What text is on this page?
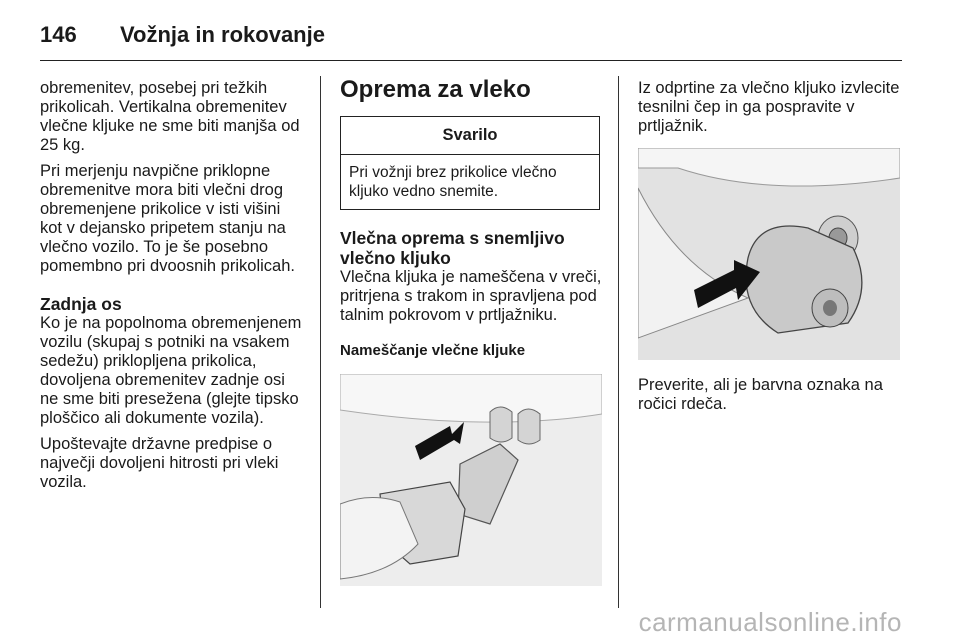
146	Vožnja in rokovanje

obremenitev, posebej pri težkih prikolicah. Vertikalna obremenitev vlečne kljuke ne sme biti manjša od 25 kg.

Pri merjenju navpične priklopne obremenitve mora biti vlečni drog obremenjene prikolice v isti višini kot v dejansko pripetem stanju na vlečno vozilo. To je še posebno pomembno pri dvoosnih prikolicah.

Zadnja os

Ko je na popolnoma obremenjenem vozilu (skupaj s potniki na vsakem sedežu) priklopljena prikolica, dovoljena obremenitev zadnje osi ne sme biti presežena (glejte tipsko ploščico ali dokumente vozila).

Upoštevajte državne predpise o največji dovoljeni hitrosti pri vleki vozila.

Oprema za vleko
Svarilo
Pri vožnji brez prikolice vlečno kljuko vedno snemite.
Vlečna oprema s snemljivo vlečno kljuko

Vlečna kljuka je nameščena v vreči, pritrjena s trakom in spravljena pod talnim pokrovom v prtljažniku.

Nameščanje vlečne kljuke

Iz odprtine za vlečno kljuko izvlecite tesnilni čep in ga pospravite v prtljažnik.

Preverite, ali je barvna oznaka na ročici rdeča.

carmanualsonline.info
